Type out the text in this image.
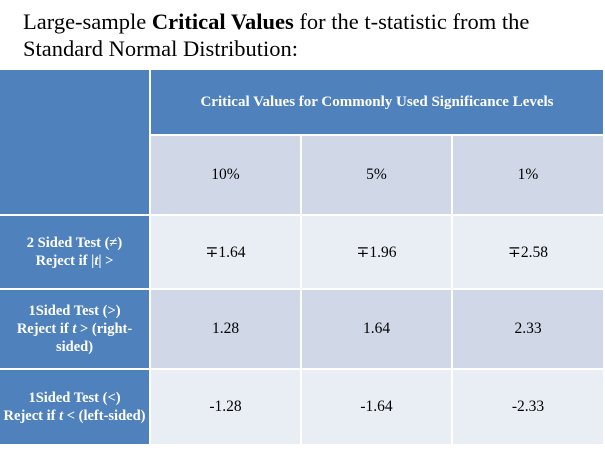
Large-sample Critical Values for the t-statistic from the Standard Normal Distribution:
	Critical Values for Commonly Used Significance Levels		
	10%	5%	1%
2 Sided Test (≠)
Reject if |t| >	∓1.64	∓1.96	∓2.58
1Sided Test (>)
Reject if t > (right-sided)	1.28	1.64	2.33
1Sided Test (<)
Reject if t < (left-sided)	-1.28	-1.64	-2.33
